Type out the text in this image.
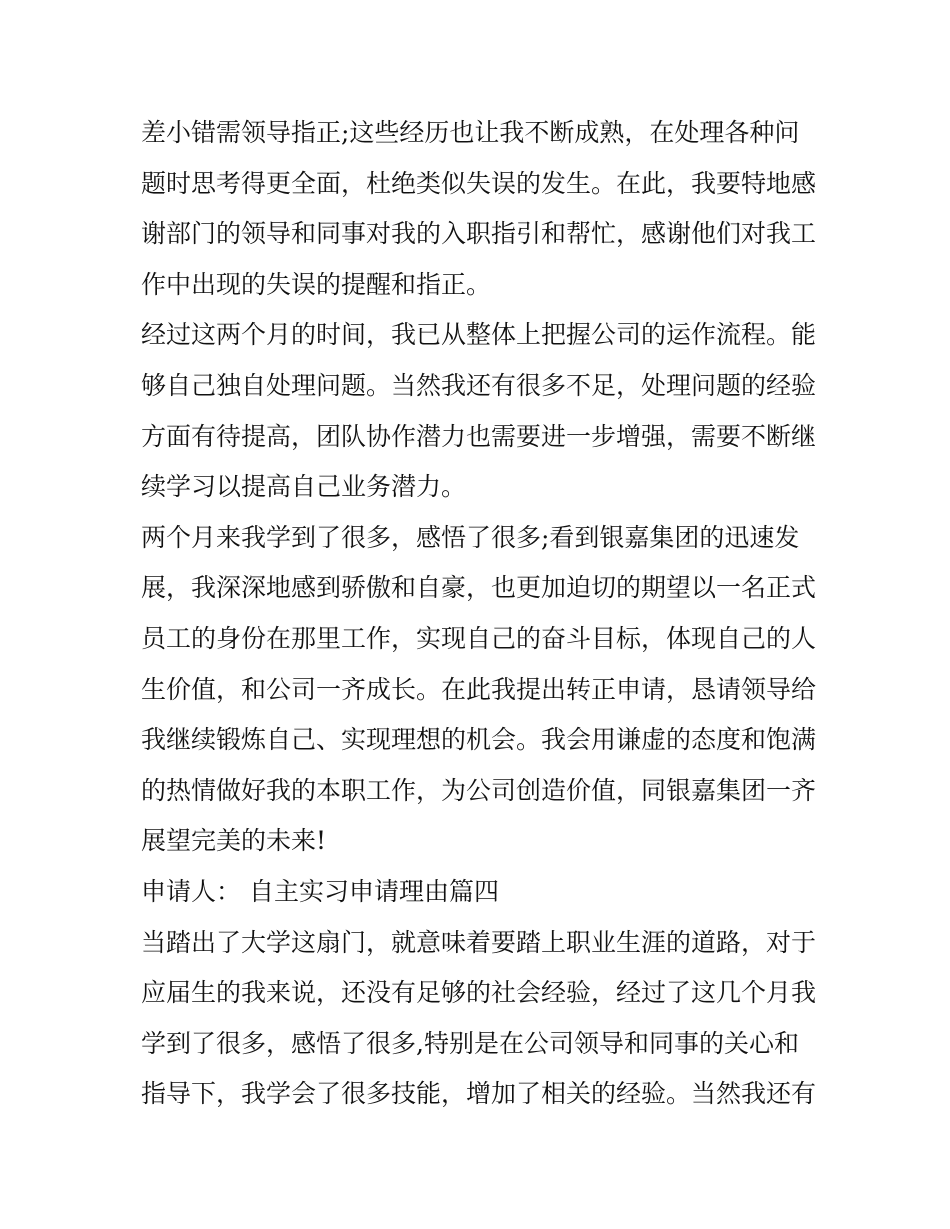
差小错需领导指正;这些经历也让我不断成熟，在处理各种问
题时思考得更全面，杜绝类似失误的发生。在此，我要特地感
谢部门的领导和同事对我的入职指引和帮忙，感谢他们对我工
作中出现的失误的提醒和指正。
经过这两个月的时间，我已从整体上把握公司的运作流程。能
够自己独自处理问题。当然我还有很多不足，处理问题的经验
方面有待提高，团队协作潜力也需要进一步增强，需要不断继
续学习以提高自己业务潜力。
两个月来我学到了很多，感悟了很多;看到银嘉集团的迅速发
展，我深深地感到骄傲和自豪，也更加迫切的期望以一名正式
员工的身份在那里工作，实现自己的奋斗目标，体现自己的人
生价值，和公司一齐成长。在此我提出转正申请，恳请领导给
我继续锻炼自己、实现理想的机会。我会用谦虚的态度和饱满
的热情做好我的本职工作，为公司创造价值，同银嘉集团一齐
展望完美的未来!
申请人： 自主实习申请理由篇四
当踏出了大学这扇门，就意味着要踏上职业生涯的道路，对于
应届生的我来说，还没有足够的社会经验，经过了这几个月我
学到了很多，感悟了很多,特别是在公司领导和同事的关心和
指导下，我学会了很多技能，增加了相关的经验。当然我还有
